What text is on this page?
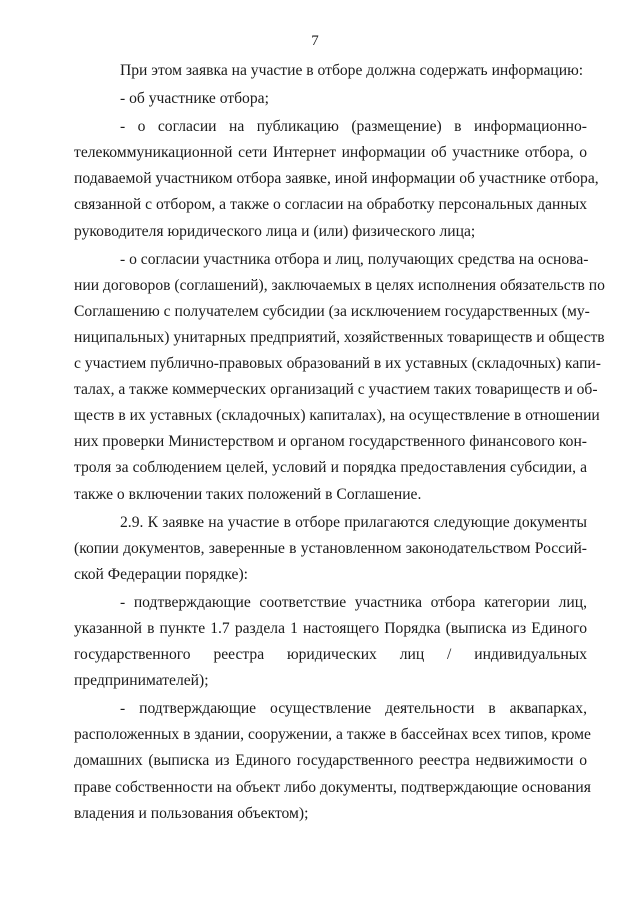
7
При этом заявка на участие в отборе должна содержать информацию:
- об участнике отбора;
- о согласии на публикацию (размещение) в информационно-
телекоммуникационной сети Интернет информации об участнике отбора, о
подаваемой участником отбора заявке, иной информации об участнике отбора,
связанной с отбором, а также о согласии на обработку персональных данных
руководителя юридического лица и (или) физического лица;
- о согласии участника отбора и лиц, получающих средства на основа-
нии договоров (соглашений), заключаемых в целях исполнения обязательств по
Соглашению с получателем субсидии (за исключением государственных (му-
ниципальных) унитарных предприятий, хозяйственных товариществ и обществ
с участием публично-правовых образований в их уставных (складочных) капи-
талах, а также коммерческих организаций с участием таких товариществ и об-
ществ в их уставных (складочных) капиталах), на осуществление в отношении
них проверки Министерством и органом государственного финансового кон-
троля за соблюдением целей, условий и порядка предоставления субсидии, а
также о включении таких положений в Соглашение.
2.9. К заявке на участие в отборе прилагаются следующие документы
(копии документов, заверенные в установленном законодательством Россий-
ской Федерации порядке):
- подтверждающие соответствие участника отбора категории лиц,
указанной в пункте 1.7 раздела 1 настоящего Порядка (выписка из Единого
государственного реестра юридических лиц / индивидуальных
предпринимателей);
- подтверждающие осуществление деятельности в аквапарках,
расположенных в здании, сооружении, а также в бассейнах всех типов, кроме
домашних (выписка из Единого государственного реестра недвижимости о
праве собственности на объект либо документы, подтверждающие основания
владения и пользования объектом);
